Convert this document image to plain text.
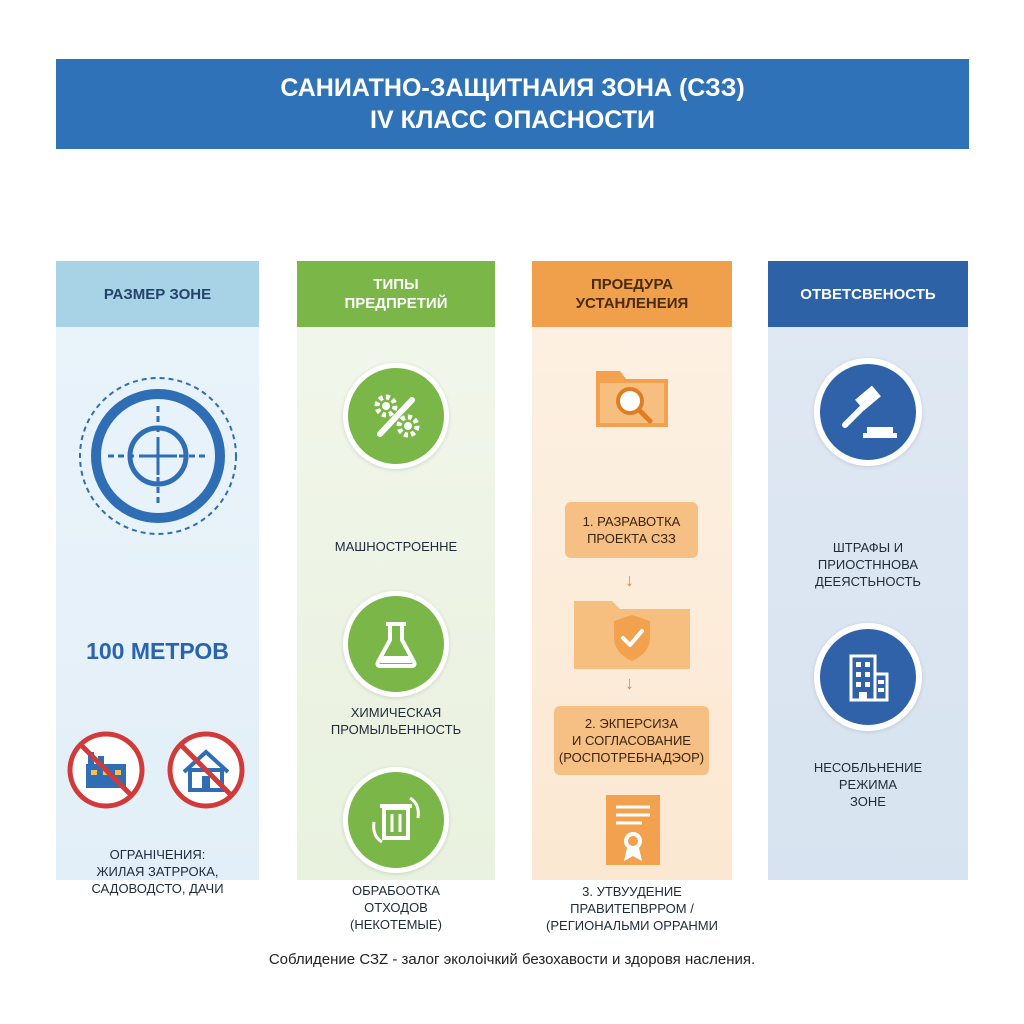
САНИАТНО-ЗАЩИТНАИЯ ЗОНА (СЗЗ)
IV КЛАСС ОПАСНОСТИ
РАЗМЕР ЗОНЕ
100 МЕТРОВ
ОГРАНIЧЕНИЯ:
ЖИЛАЯ ЗАТРРОКА,
САДОВОДСТО, ДАЧИ
ТИПЫ
ПРЕДПРЕТИЙ
МАШНОСТРОЕННЕ
ХИМИЧЕСКАЯ
ПРОМЫЛЬЕННОСТЬ
ОБРАБООТКА
ОТХОДОВ
(НЕКОТЕМЫЕ)
ПРОЕДУРА
УСТАНЛЕНЕИЯ
1. РАЗРАВОТКА
ПРОЕКТА СЗЗ
↓
↓
2. ЭКПЕРСИЗА
И СОГЛАСОВАНИЕ
(РОСПОТРЕБНАДЭОР)
3. УТВУУДЕНИЕ
ПРАВИТЕПВРРОМ /
(РЕГИОНАЛЬМИ ОРРАНМИ
ОТВЕТСВЕНОСТЬ
ШТРАФЫ И
ПРИОСТННОВА
ДЕЕЯСТЬНОСТЬ
НЕСОБЛЬНЕНИЕ
РЕЖИМА
ЗОНЕ
Соблидение СЗZ - залог эколоічкий безохавости и здоровя насления.
